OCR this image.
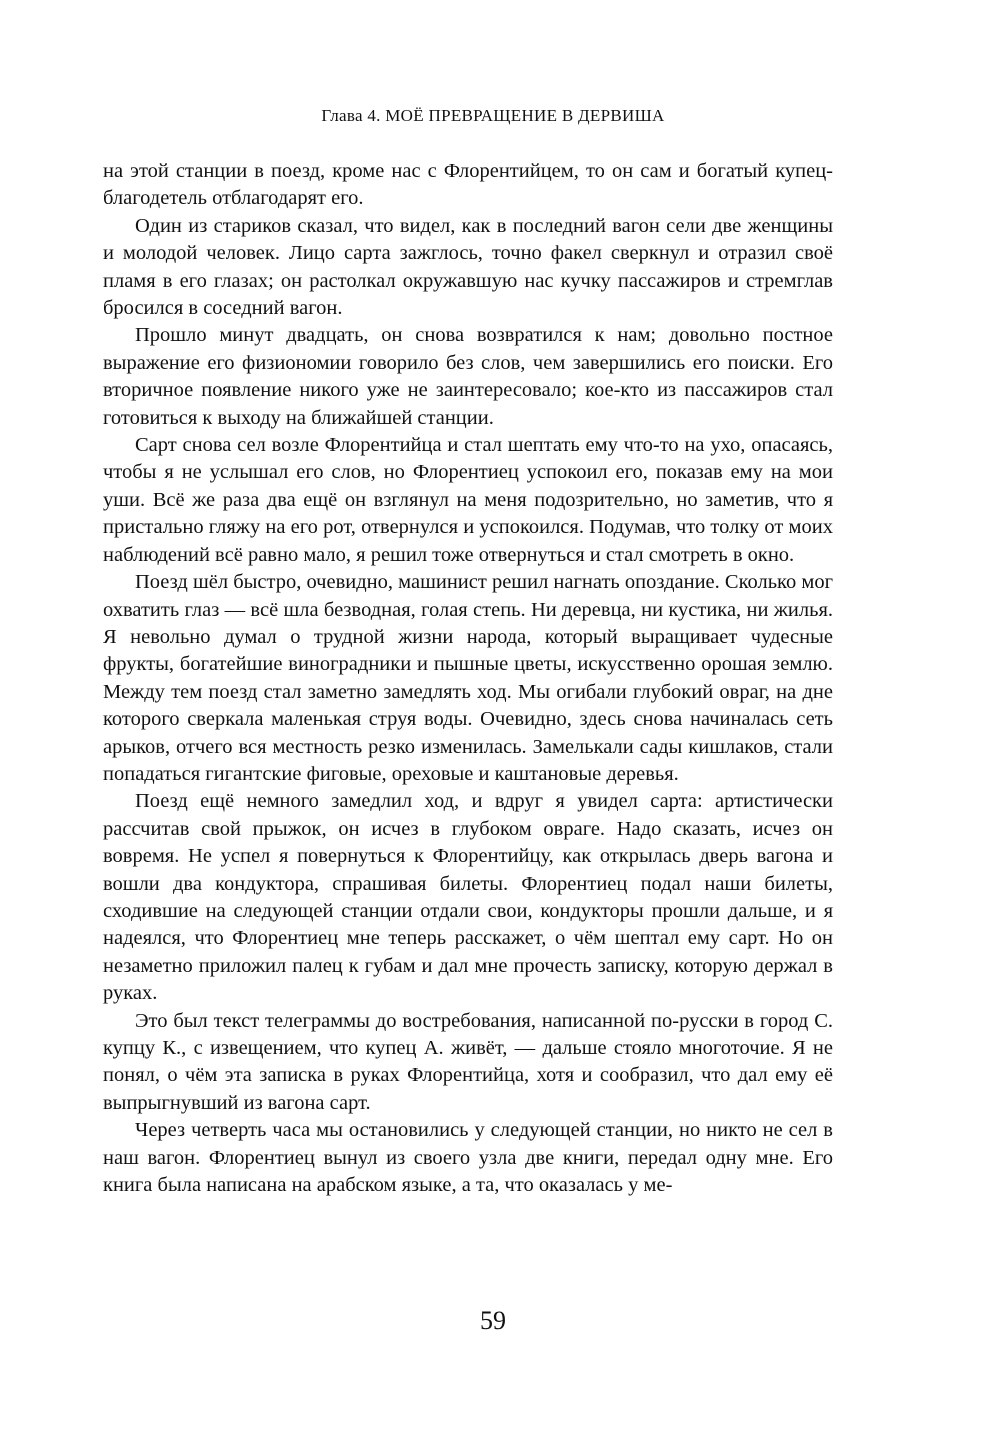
Глава 4. МОЁ ПРЕВРАЩЕНИЕ В ДЕРВИША

на этой станции в поезд, кроме нас с Флорентийцем, то он сам и богатый купец-благодетель отблагодарят его.

Один из стариков сказал, что видел, как в последний вагон сели две женщины и молодой человек. Лицо сарта зажглось, точно факел сверкнул и отразил своё пламя в его глазах; он растолкал окружавшую нас кучку пассажиров и стремглав бросился в соседний вагон.

Прошло минут двадцать, он снова возвратился к нам; довольно постное выражение его физиономии говорило без слов, чем завершились его поиски. Его вторичное появление никого уже не заинтересовало; кое-кто из пассажиров стал готовиться к выходу на ближайшей станции.

Сарт снова сел возле Флорентийца и стал шептать ему что-то на ухо, опасаясь, чтобы я не услышал его слов, но Флорентиец успокоил его, показав ему на мои уши. Всё же раза два ещё он взглянул на меня подозрительно, но заметив, что я пристально гляжу на его рот, отвернулся и успокоился. Подумав, что толку от моих наблюдений всё равно мало, я решил тоже отвернуться и стал смотреть в окно.

Поезд шёл быстро, очевидно, машинист решил нагнать опоздание. Сколько мог охватить глаз — всё шла безводная, голая степь. Ни деревца, ни кустика, ни жилья. Я невольно думал о трудной жизни народа, который выращивает чудесные фрукты, богатейшие виноградники и пышные цветы, искусственно орошая землю. Между тем поезд стал заметно замедлять ход. Мы огибали глубокий овраг, на дне которого сверкала маленькая струя воды. Очевидно, здесь снова начиналась сеть арыков, отчего вся местность резко изменилась. Замелькали сады кишлаков, стали попадаться гигантские фиговые, ореховые и каштановые деревья.

Поезд ещё немного замедлил ход, и вдруг я увидел сарта: артистически рассчитав свой прыжок, он исчез в глубоком овраге. Надо сказать, исчез он вовремя. Не успел я повернуться к Флорентийцу, как открылась дверь вагона и вошли два кондуктора, спрашивая билеты. Флорентиец подал наши билеты, сходившие на следующей станции отдали свои, кондукторы прошли дальше, и я надеялся, что Флорентиец мне теперь расскажет, о чём шептал ему сарт. Но он незаметно приложил палец к губам и дал мне прочесть записку, которую держал в руках.

Это был текст телеграммы до востребования, написанной по-русски в город С. купцу К., с извещением, что купец А. живёт, — дальше стояло многоточие. Я не понял, о чём эта записка в руках Флорентийца, хотя и сообразил, что дал ему её выпрыгнувший из вагона сарт.

Через четверть часа мы остановились у следующей станции, но никто не сел в наш вагон. Флорентиец вынул из своего узла две книги, передал одну мне. Его книга была написана на арабском языке, а та, что оказалась у ме-

59
